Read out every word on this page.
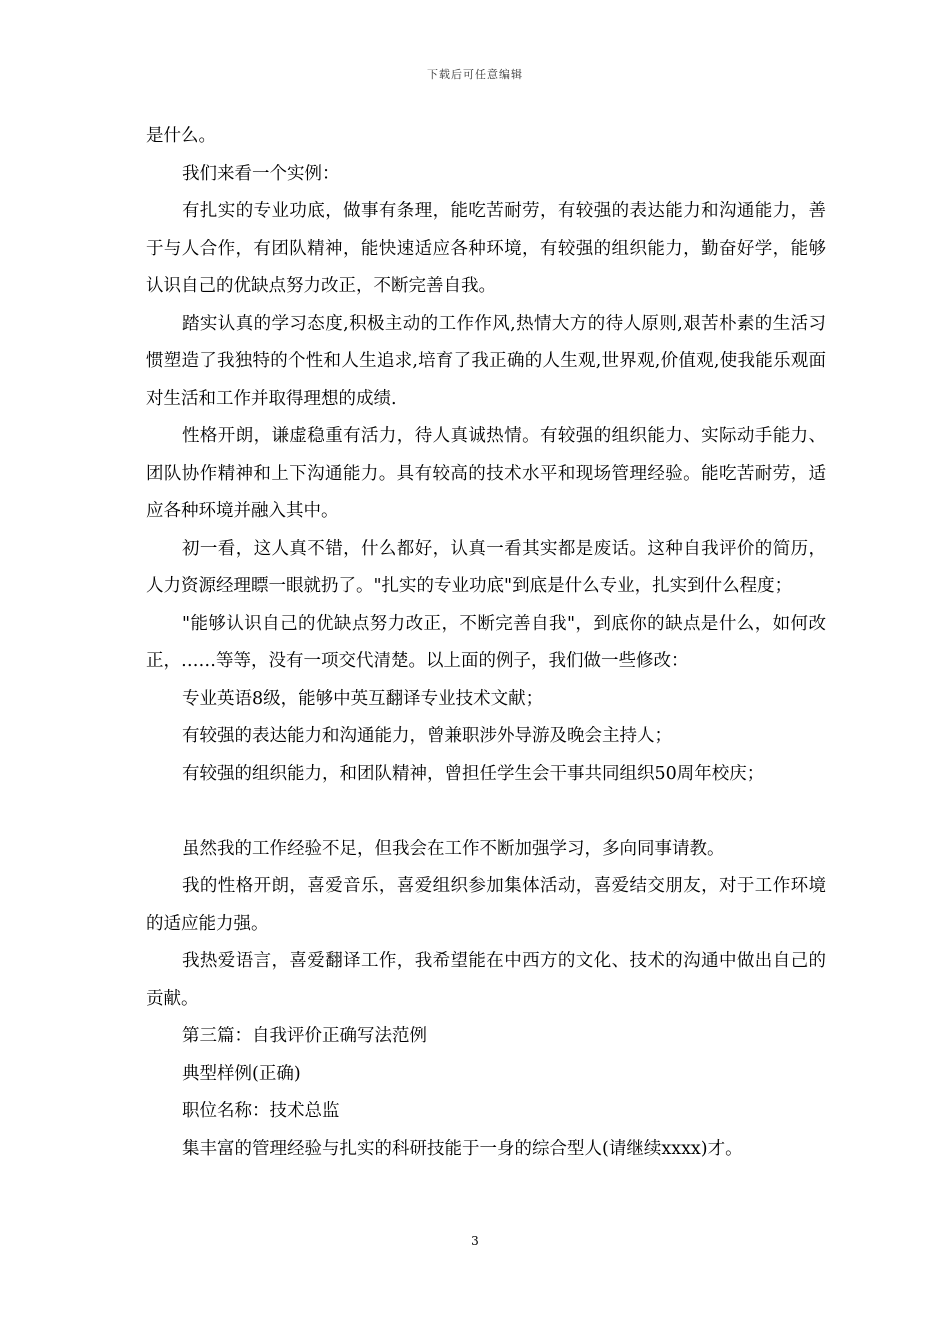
下载后可任意编辑

是什么。

我们来看一个实例：

有扎实的专业功底，做事有条理，能吃苦耐劳，有较强的表达能力和沟通能力，善于与人合作，有团队精神，能快速适应各种环境，有较强的组织能力，勤奋好学，能够认识自己的优缺点努力改正，不断完善自我。

踏实认真的学习态度,积极主动的工作作风,热情大方的待人原则,艰苦朴素的生活习惯塑造了我独特的个性和人生追求,培育了我正确的人生观,世界观,价值观,使我能乐观面对生活和工作并取得理想的成绩.

性格开朗，谦虚稳重有活力，待人真诚热情。有较强的组织能力、实际动手能力、团队协作精神和上下沟通能力。具有较高的技术水平和现场管理经验。能吃苦耐劳，适应各种环境并融入其中。

初一看，这人真不错，什么都好，认真一看其实都是废话。这种自我评价的简历，人力资源经理瞟一眼就扔了。"扎实的专业功底"到底是什么专业，扎实到什么程度；

"能够认识自己的优缺点努力改正，不断完善自我"，到底你的缺点是什么，如何改正，……等等，没有一项交代清楚。以上面的例子，我们做一些修改：

专业英语8级，能够中英互翻译专业技术文献；

有较强的表达能力和沟通能力，曾兼职涉外导游及晚会主持人；

有较强的组织能力，和团队精神，曾担任学生会干事共同组织50周年校庆；

虽然我的工作经验不足，但我会在工作不断加强学习，多向同事请教。

我的性格开朗，喜爱音乐，喜爱组织参加集体活动，喜爱结交朋友，对于工作环境的适应能力强。

我热爱语言，喜爱翻译工作，我希望能在中西方的文化、技术的沟通中做出自己的贡献。

第三篇：自我评价正确写法范例

典型样例(正确)

职位名称：技术总监

集丰富的管理经验与扎实的科研技能于一身的综合型人(请继续xxxx)才。

3
